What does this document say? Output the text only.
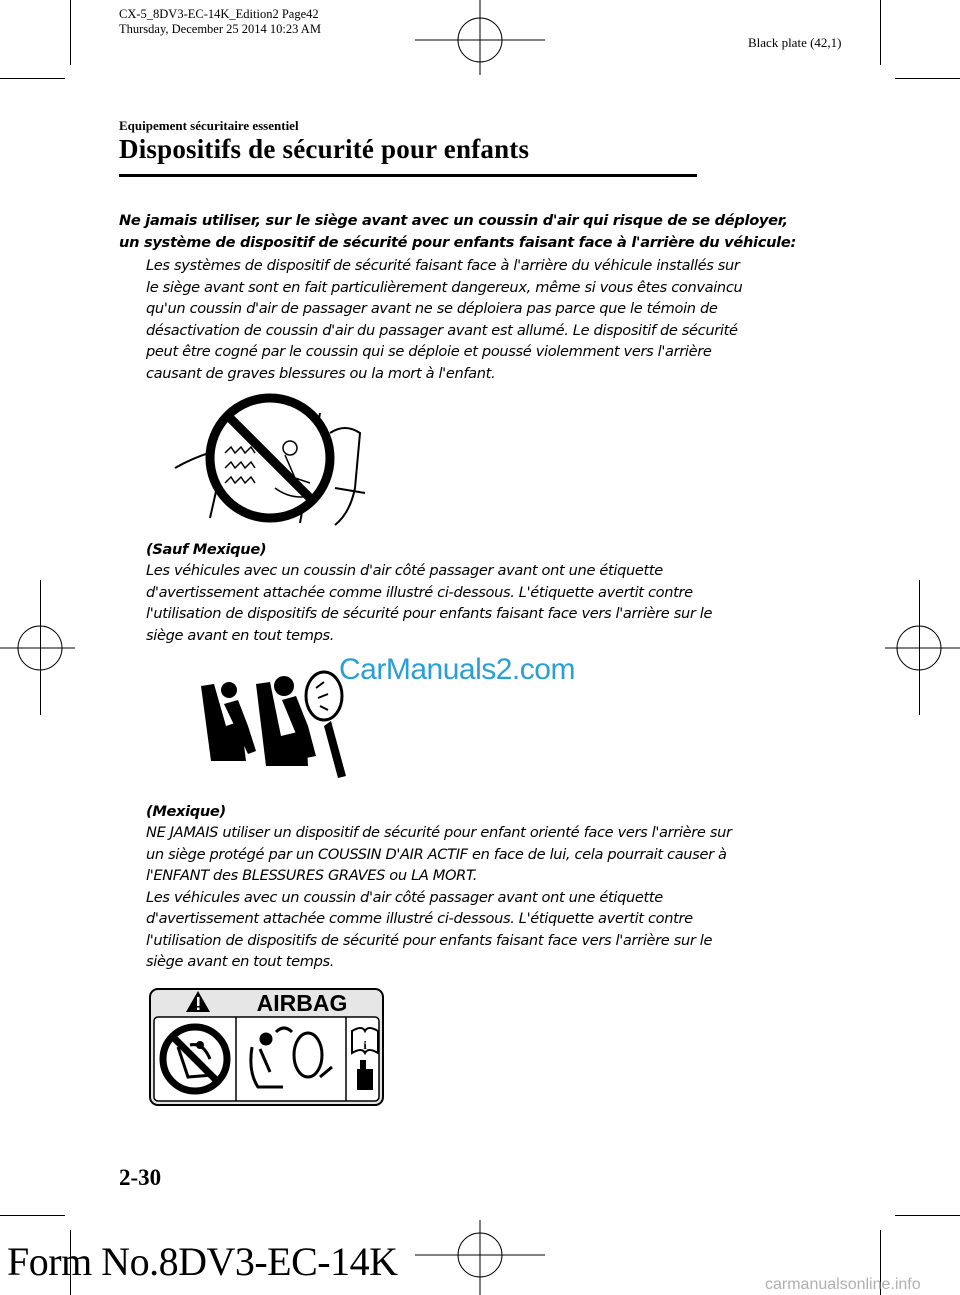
CX-5_8DV3-EC-14K_Edition2 Page42
Thursday, December 25 2014 10:23 AM
Black plate (42,1)
Equipement sécuritaire essentiel
Dispositifs de sécurité pour enfants
Ne jamais utiliser, sur le siège avant avec un coussin d'air qui risque de se déployer,
un système de dispositif de sécurité pour enfants faisant face à l'arrière du véhicule:
Les systèmes de dispositif de sécurité faisant face à l'arrière du véhicule installés sur
le siège avant sont en fait particulièrement dangereux, même si vous êtes convaincu
qu'un coussin d'air de passager avant ne se déploiera pas parce que le témoin de
désactivation de coussin d'air du passager avant est allumé. Le dispositif de sécurité
peut être cogné par le coussin qui se déploie et poussé violemment vers l'arrière
causant de graves blessures ou la mort à l'enfant.
(Sauf Mexique)
Les véhicules avec un coussin d'air côté passager avant ont une étiquette
d'avertissement attachée comme illustré ci-dessous. L'étiquette avertit contre
l'utilisation de dispositifs de sécurité pour enfants faisant face vers l'arrière sur le
siège avant en tout temps.
CarManuals2.com
(Mexique)
NE JAMAIS utiliser un dispositif de sécurité pour enfant orienté face vers l'arrière sur
un siège protégé par un COUSSIN D'AIR ACTIF en face de lui, cela pourrait causer à
l'ENFANT des BLESSURES GRAVES ou LA MORT.
Les véhicules avec un coussin d'air côté passager avant ont une étiquette
d'avertissement attachée comme illustré ci-dessous. L'étiquette avertit contre
l'utilisation de dispositifs de sécurité pour enfants faisant face vers l'arrière sur le
siège avant en tout temps.
AIRBAG
i
2-30
Form No.8DV3-EC-14K
carmanualsonline.info
